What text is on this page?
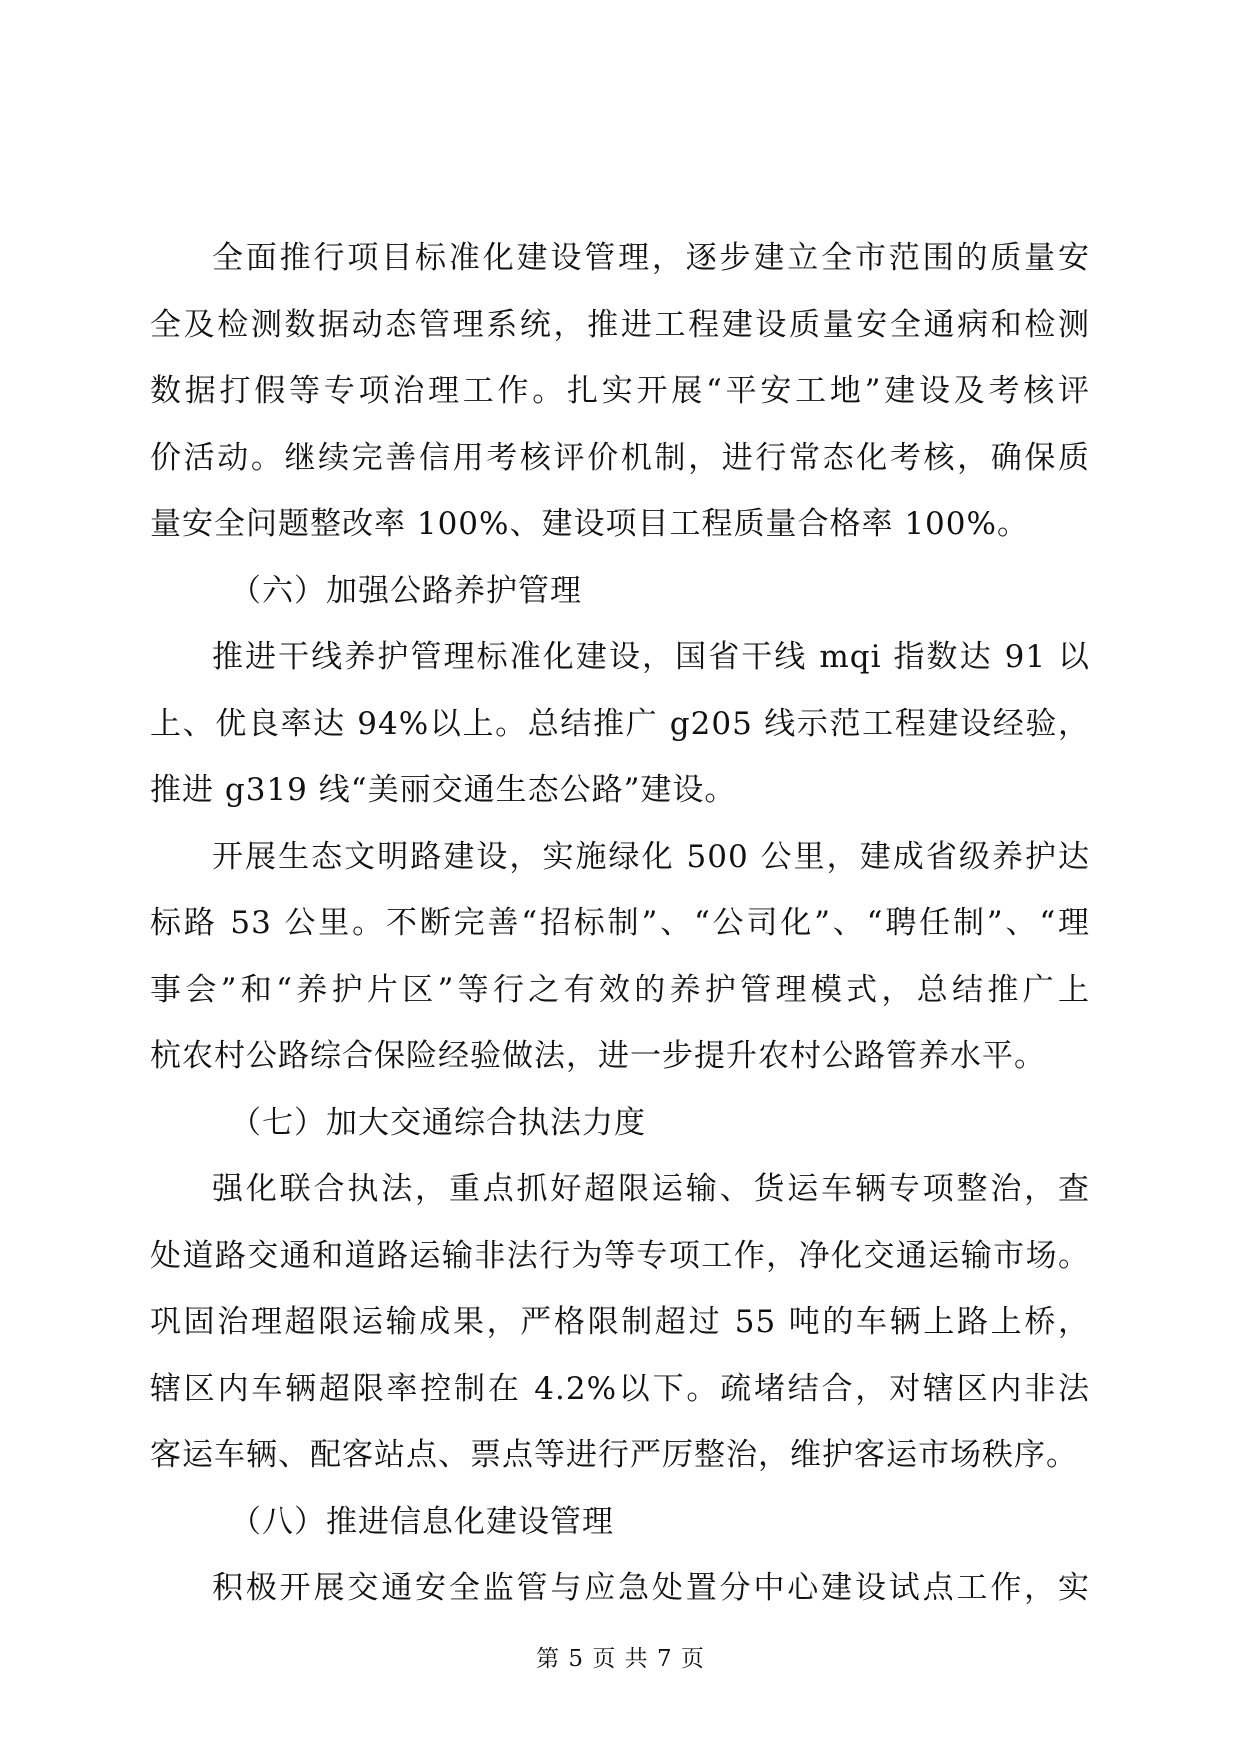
全面推行项目标准化建设管理，逐步建立全市范围的质量安
全及检测数据动态管理系统，推进工程建设质量安全通病和检测
数据打假等专项治理工作。扎实开展“平安工地”建设及考核评
价活动。继续完善信用考核评价机制，进行常态化考核，确保质
量安全问题整改率 100%、建设项目工程质量合格率 100%。
（六）加强公路养护管理
推进干线养护管理标准化建设，国省干线 mqi 指数达 91 以
上、优良率达 94%以上。总结推广 g205 线示范工程建设经验，
推进 g319 线“美丽交通生态公路”建设。
开展生态文明路建设，实施绿化 500 公里，建成省级养护达
标路 53 公里。不断完善“招标制”、“公司化”、“聘任制”、“理
事会”和“养护片区”等行之有效的养护管理模式，总结推广上
杭农村公路综合保险经验做法，进一步提升农村公路管养水平。
（七）加大交通综合执法力度
强化联合执法，重点抓好超限运输、货运车辆专项整治，查
处道路交通和道路运输非法行为等专项工作，净化交通运输市场。
巩固治理超限运输成果，严格限制超过 55 吨的车辆上路上桥，
辖区内车辆超限率控制在 4.2%以下。疏堵结合，对辖区内非法
客运车辆、配客站点、票点等进行严厉整治，维护客运市场秩序。
（八）推进信息化建设管理
积极开展交通安全监管与应急处置分中心建设试点工作，实
第 5 页 共 7 页
